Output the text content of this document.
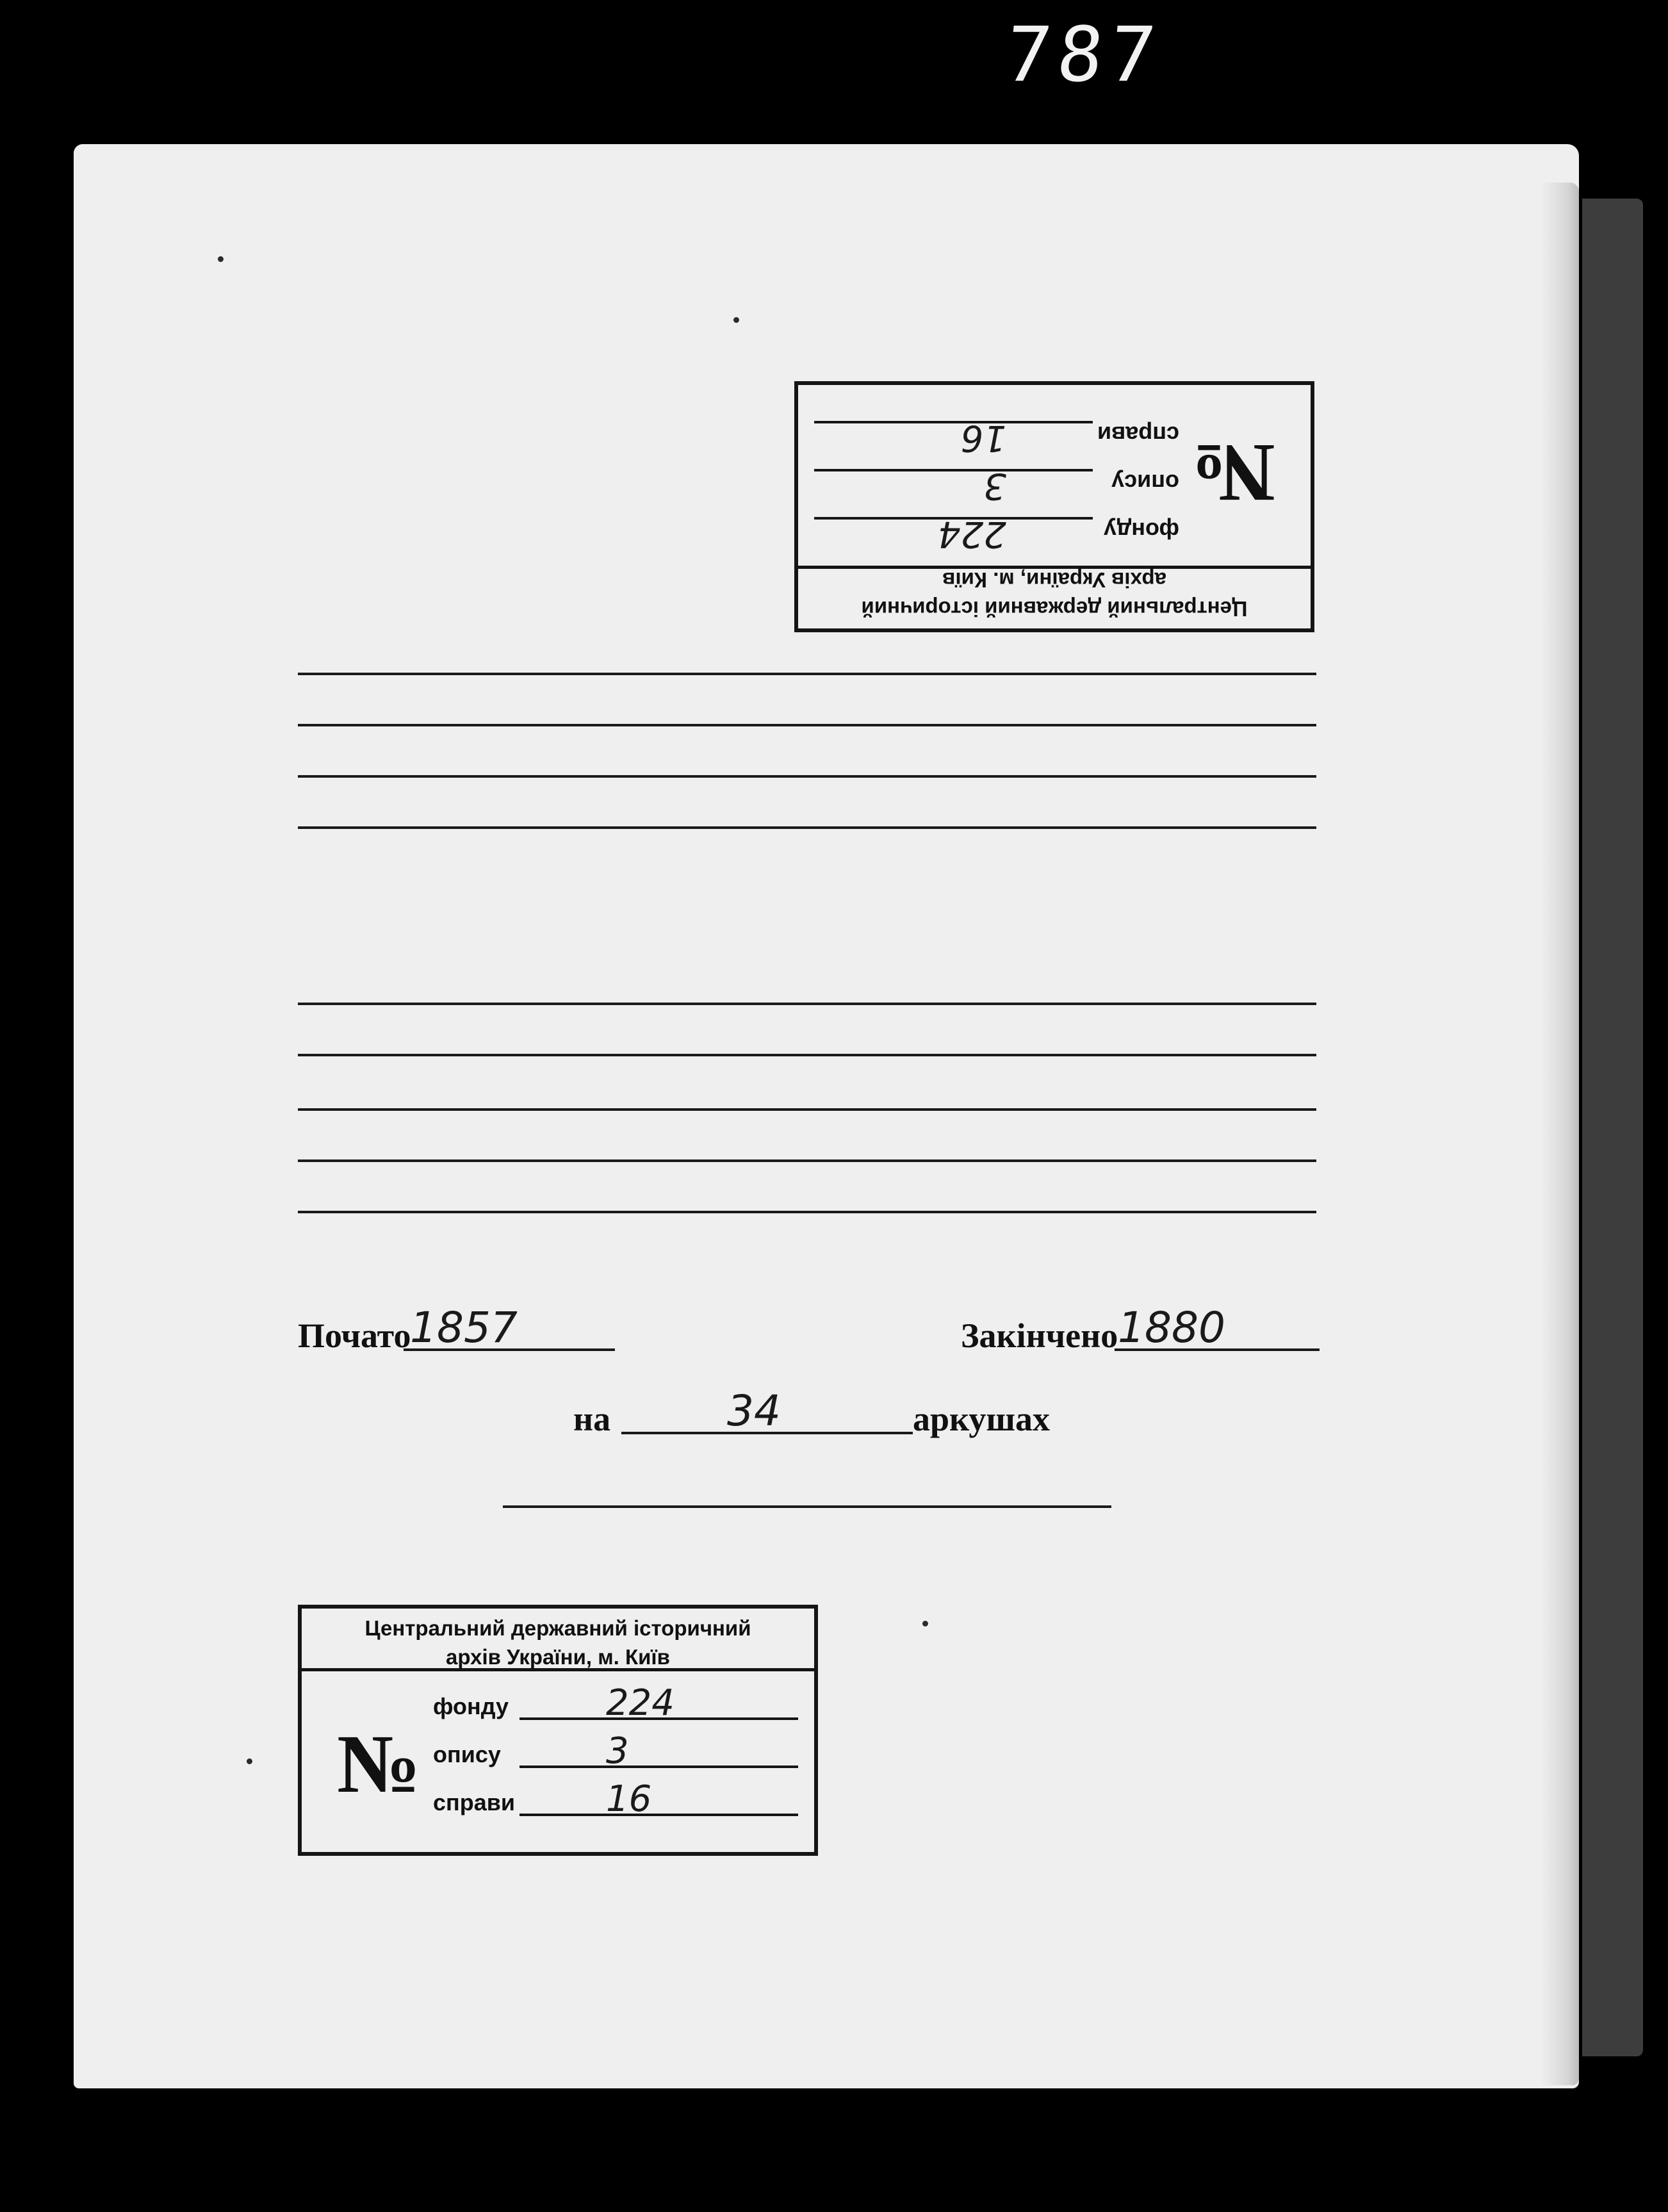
787
Центральний державний історичний
архів України, м. Київ
№
фонду
224
опису
3
справи
16
Почато
1857	Закінчено 1880
на	34	аркушах
Центральний державний історичний
архів України, м. Київ
№
фонду	224
опису	3
справи	16
